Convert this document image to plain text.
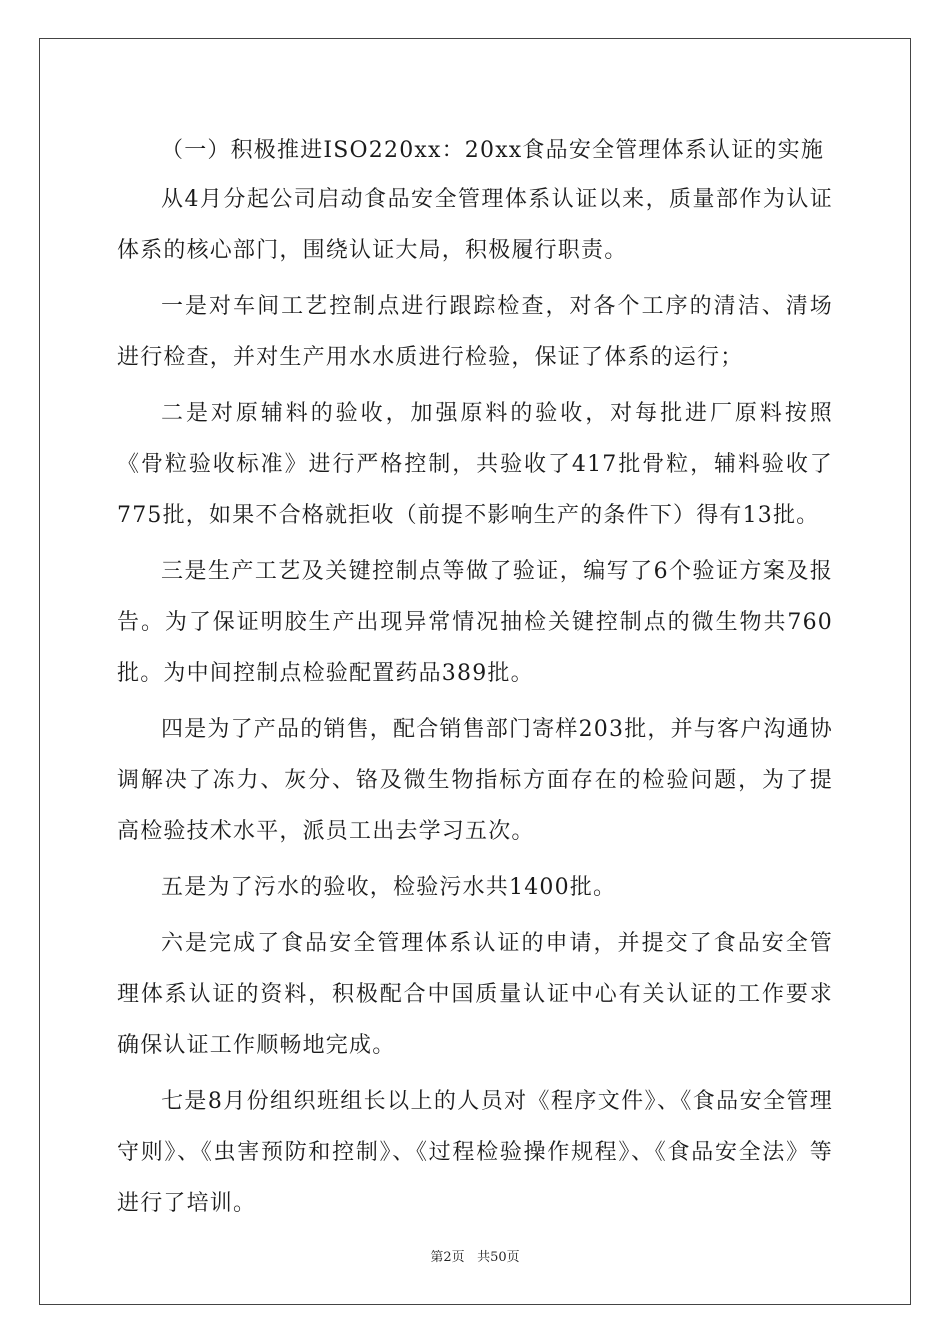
（一）积极推进ISO220xx：20xx食品安全管理体系认证的实施

从4月分起公司启动食品安全管理体系认证以来，质量部作为认证体系的核心部门，围绕认证大局，积极履行职责。

一是对车间工艺控制点进行跟踪检查，对各个工序的清洁、清场进行检查，并对生产用水水质进行检验，保证了体系的运行；

二是对原辅料的验收，加强原料的验收，对每批进厂原料按照《骨粒验收标准》进行严格控制，共验收了417批骨粒，辅料验收了775批，如果不合格就拒收（前提不影响生产的条件下）得有13批。

三是生产工艺及关键控制点等做了验证，编写了6个验证方案及报告。为了保证明胶生产出现异常情况抽检关键控制点的微生物共760批。为中间控制点检验配置药品389批。

四是为了产品的销售，配合销售部门寄样203批，并与客户沟通协调解决了冻力、灰分、铬及微生物指标方面存在的检验问题，为了提高检验技术水平，派员工出去学习五次。

五是为了污水的验收，检验污水共1400批。

六是完成了食品安全管理体系认证的申请，并提交了食品安全管理体系认证的资料，积极配合中国质量认证中心有关认证的工作要求确保认证工作顺畅地完成。

七是8月份组织班组长以上的人员对《程序文件》、《食品安全管理守则》、《虫害预防和控制》、《过程检验操作规程》、《食品安全法》等进行了培训。

第2页 共50页
